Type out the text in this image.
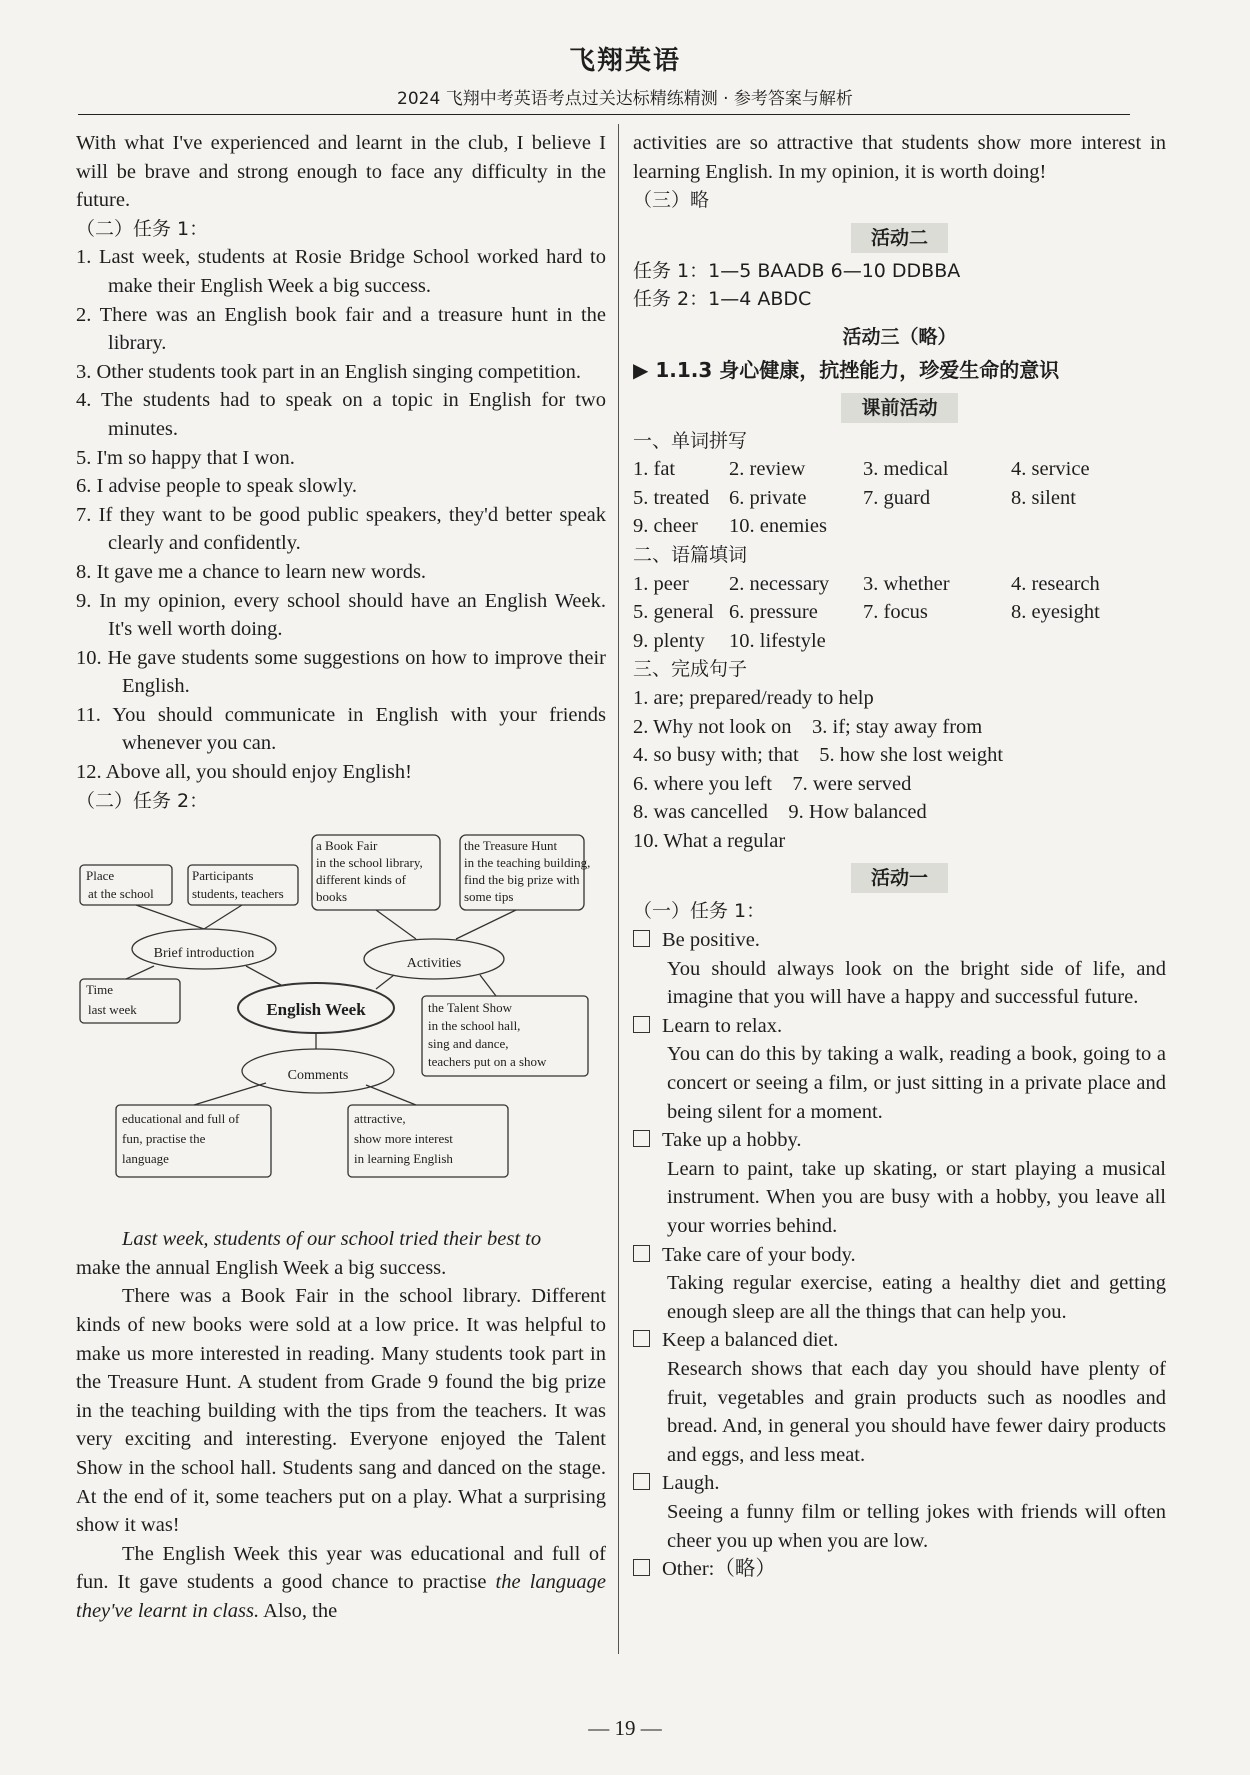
飞翔英语
2024 飞翔中考英语考点过关达标精练精测 · 参考答案与解析

With what I've experienced and learnt in the club, I believe I will be brave and strong enough to face any difficulty in the future.

（二）任务 1：

1. Last week, students at Rosie Bridge School worked hard to make their English Week a big success.

2. There was an English book fair and a treasure hunt in the library.

3. Other students took part in an English singing competition.

4. The students had to speak on a topic in English for two minutes.

5. I'm so happy that I won.

6. I advise people to speak slowly.

7. If they want to be good public speakers, they'd better speak clearly and confidently.

8. It gave me a chance to learn new words.

9. In my opinion, every school should have an English Week. It's well worth doing.

10. He gave students some suggestions on how to improve their English.

11. You should communicate in English with your friends whenever you can.

12. Above all, you should enjoy English!

（二）任务 2：

Brief introduction
Activities
English Week
Comments
Place
at the school
Participants
students, teachers
Time
last week
a Book Fair
in the school library,
different kinds of
books
the Treasure Hunt
in the teaching building,
find the big prize with
some tips
the Talent Show
in the school hall,
sing and dance,
teachers put on a show
educational and full of
fun, practise the
language
attractive,
show more interest
in learning English

Last week, students of our school tried their best to

make the annual English Week a big success.

There was a Book Fair in the school library. Different kinds of new books were sold at a low price. It was helpful to make us more interested in reading. Many students took part in the Treasure Hunt. A student from Grade 9 found the big prize in the teaching building with the tips from the teachers. It was very exciting and interesting. Everyone enjoyed the Talent Show in the school hall. Students sang and danced on the stage. At the end of it, some teachers put on a play. What a surprising show it was!

The English Week this year was educational and full of fun. It gave students a good chance to practise the language they've learnt in class. Also, the

activities are so attractive that students show more interest in learning English. In my opinion, it is worth doing!

（三）略

活动二

任务 1：1—5 BAADB 6—10 DDBBA

任务 2：1—4 ABDC

活动三（略）

▶ 1.1.3 身心健康，抗挫能力，珍爱生命的意识

课前活动

一、单词拼写

1. fat	2. review	3. medical	4. service
5. treated 6. private	7. guard	8. silent
9. cheer	10. enemies

二、语篇填词

1. peer	2. necessary	3. whether	4. research
5. general 6. pressure	7. focus	8. eyesight
9. plenty	10. lifestyle

三、完成句子

1. are; prepared/ready to help

2. Why not look on    3. if; stay away from

4. so busy with; that    5. how she lost weight

6. where you left    7. were served

8. was cancelled    9. How balanced

10. What a regular

活动一

（一）任务 1：

Be positive.

You should always look on the bright side of life, and imagine that you will have a happy and successful future.

Learn to relax.

You can do this by taking a walk, reading a book, going to a concert or seeing a film, or just sitting in a private place and being silent for a moment.

Take up a hobby.

Learn to paint, take up skating, or start playing a musical instrument. When you are busy with a hobby, you leave all your worries behind.

Take care of your body.

Taking regular exercise, eating a healthy diet and getting enough sleep are all the things that can help you.

Keep a balanced diet.

Research shows that each day you should have plenty of fruit, vegetables and grain products such as noodles and bread. And, in general you should have fewer dairy products and eggs, and less meat.

Laugh.

Seeing a funny film or telling jokes with friends will often cheer you up when you are low.

Other:（略）

— 19 —
